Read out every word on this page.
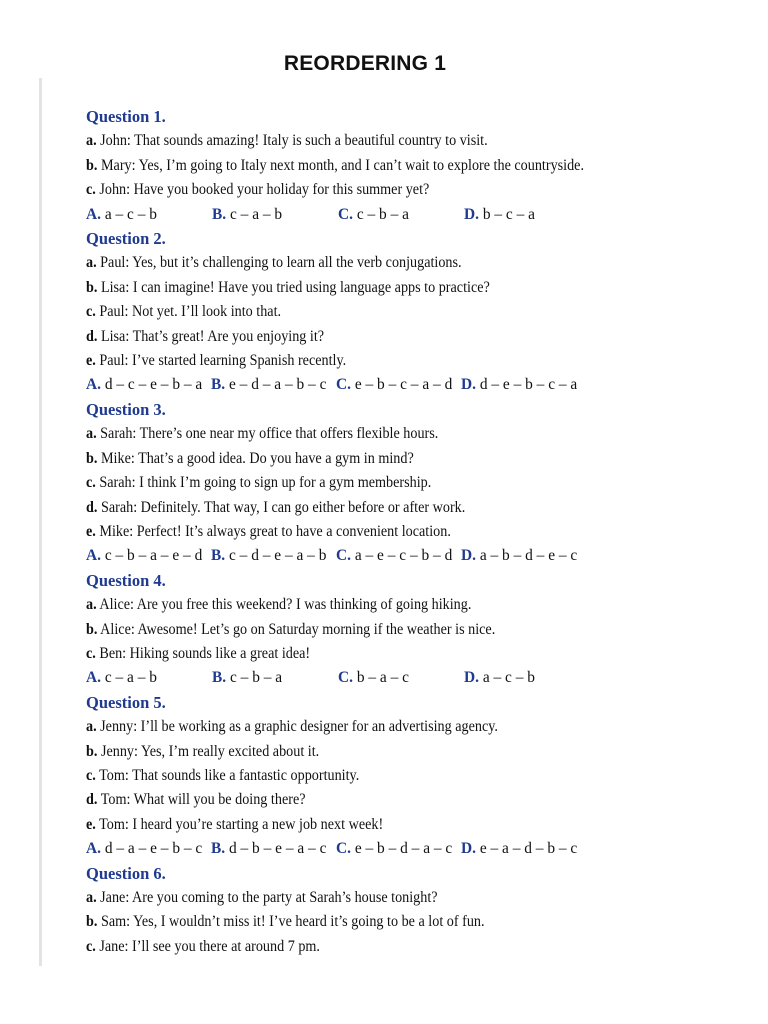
REORDERING 1
Question 1.
a. John: That sounds amazing! Italy is such a beautiful country to visit.
b. Mary: Yes, I’m going to Italy next month, and I can’t wait to explore the countryside.
c. John: Have you booked your holiday for this summer yet?
A. a – c – b	B. c – a – b	C. c – b – a	D. b – c – a
Question 2.
a. Paul: Yes, but it’s challenging to learn all the verb conjugations.
b. Lisa: I can imagine! Have you tried using language apps to practice?
c. Paul: Not yet. I’ll look into that.
d. Lisa: That’s great! Are you enjoying it?
e. Paul: I’ve started learning Spanish recently.
A. d – c – e – b – a B. e – d – a – b – c C. e – b – c – a – d D. d – e – b – c – a
Question 3.
a. Sarah: There’s one near my office that offers flexible hours.
b. Mike: That’s a good idea. Do you have a gym in mind?
c. Sarah: I think I’m going to sign up for a gym membership.
d. Sarah: Definitely. That way, I can go either before or after work.
e. Mike: Perfect! It’s always great to have a convenient location.
A. c – b – a – e – d B. c – d – e – a – b C. a – e – c – b – d D. a – b – d – e – c
Question 4.
a. Alice: Are you free this weekend? I was thinking of going hiking.
b. Alice: Awesome! Let’s go on Saturday morning if the weather is nice.
c. Ben: Hiking sounds like a great idea!
A. c – a – b	B. c – b – a	C. b – a – c	D. a – c – b
Question 5.
a. Jenny: I’ll be working as a graphic designer for an advertising agency.
b. Jenny: Yes, I’m really excited about it.
c. Tom: That sounds like a fantastic opportunity.
d. Tom: What will you be doing there?
e. Tom: I heard you’re starting a new job next week!
A. d – a – e – b – c B. d – b – e – a – c C. e – b – d – a – c D. e – a – d – b – c
Question 6.
a. Jane: Are you coming to the party at Sarah’s house tonight?
b. Sam: Yes, I wouldn’t miss it! I’ve heard it’s going to be a lot of fun.
c. Jane: I’ll see you there at around 7 pm.
